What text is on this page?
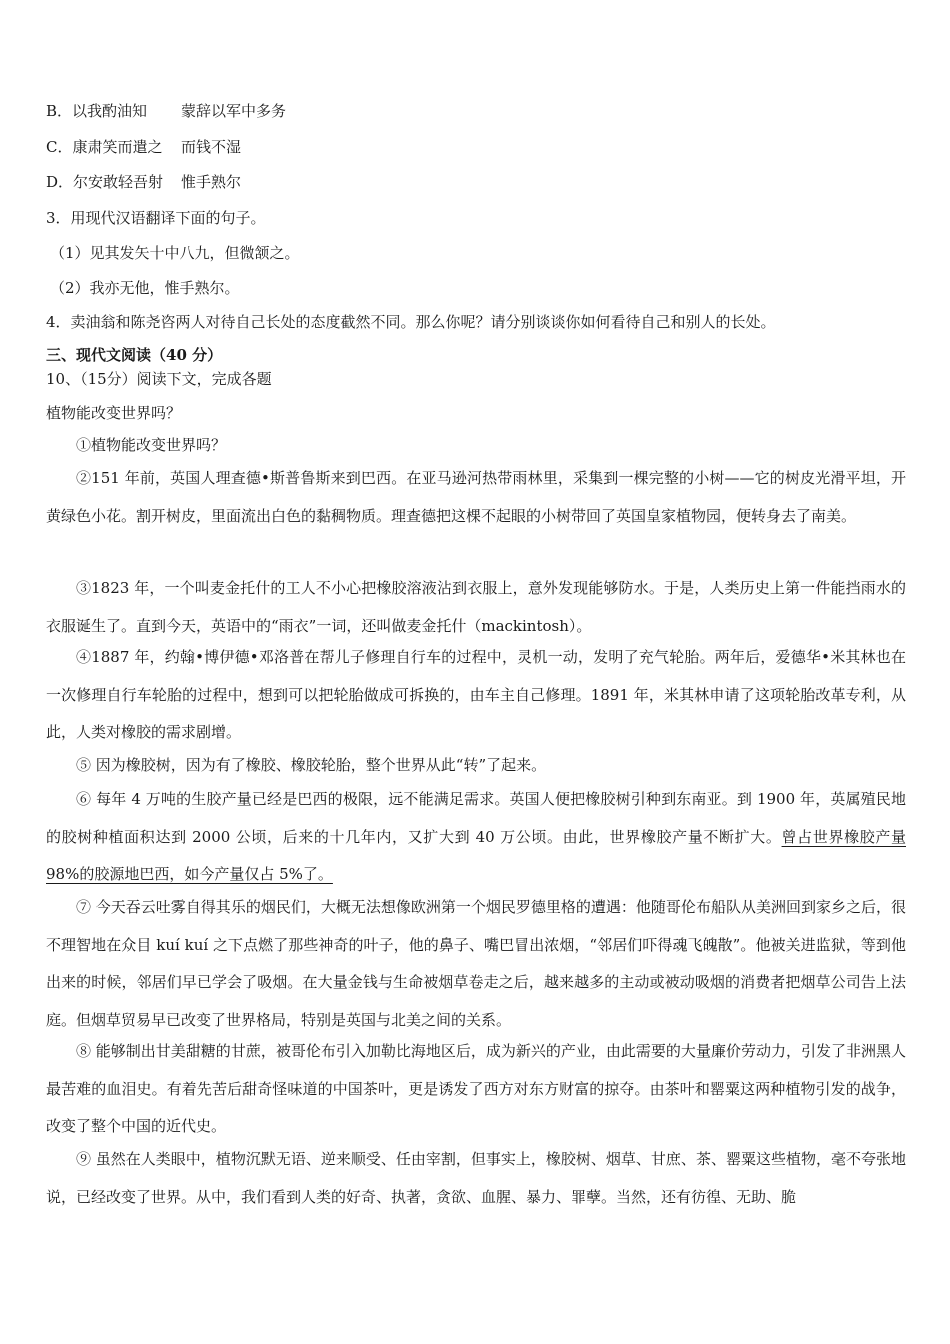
B．以我酌油知 蒙辞以军中多务
C．康肃笑而遣之 而钱不湿
D．尔安敢轻吾射 惟手熟尔
3．用现代汉语翻译下面的句子。
（1）见其发矢十中八九，但微颔之。
（2）我亦无他，惟手熟尔。
4．卖油翁和陈尧咨两人对待自己长处的态度截然不同。那么你呢？请分别谈谈你如何看待自己和别人的长处。
三、现代文阅读（40 分）
10、（15分）阅读下文，完成各题
植物能改变世界吗？
①植物能改变世界吗？

②151 年前，英国人理查德•斯普鲁斯来到巴西。在亚马逊河热带雨林里，采集到一棵完整的小树——它的树皮光滑平坦，开黄绿色小花。割开树皮，里面流出白色的黏稠物质。理查德把这棵不起眼的小树带回了英国皇家植物园，便转身去了南美。

③1823 年，一个叫麦金托什的工人不小心把橡胶溶液沾到衣服上，意外发现能够防水。于是，人类历史上第一件能挡雨水的衣服诞生了。直到今天，英语中的“雨衣”一词，还叫做麦金托什（mackintosh）。

④1887 年，约翰•博伊德•邓洛普在帮儿子修理自行车的过程中，灵机一动，发明了充气轮胎。两年后，爱德华•米其林也在一次修理自行车轮胎的过程中，想到可以把轮胎做成可拆换的，由车主自己修理。1891 年，米其林申请了这项轮胎改革专利，从此，人类对橡胶的需求剧增。

⑤ 因为橡胶树，因为有了橡胶、橡胶轮胎，整个世界从此“转”了起来。

⑥ 每年 4 万吨的生胶产量已经是巴西的极限，远不能满足需求。英国人便把橡胶树引种到东南亚。到 1900 年，英属殖民地的胶树种植面积达到 2000 公顷，后来的十几年内，又扩大到 40 万公顷。由此，世界橡胶产量不断扩大。曾占世界橡胶产量 98%的胶源地巴西，如今产量仅占 5%了。

⑦ 今天吞云吐雾自得其乐的烟民们，大概无法想像欧洲第一个烟民罗德里格的遭遇：他随哥伦布船队从美洲回到家乡之后，很不理智地在众目 kuí kuí 之下点燃了那些神奇的叶子，他的鼻子、嘴巴冒出浓烟，“邻居们吓得魂飞魄散”。他被关进监狱，等到他出来的时候，邻居们早已学会了吸烟。在大量金钱与生命被烟草卷走之后，越来越多的主动或被动吸烟的消费者把烟草公司告上法庭。但烟草贸易早已改变了世界格局，特别是英国与北美之间的关系。

⑧ 能够制出甘美甜糖的甘蔗，被哥伦布引入加勒比海地区后，成为新兴的产业，由此需要的大量廉价劳动力，引发了非洲黑人最苦难的血泪史。有着先苦后甜奇怪味道的中国茶叶，更是诱发了西方对东方财富的掠夺。由茶叶和罂粟这两种植物引发的战争，改变了整个中国的近代史。

⑨ 虽然在人类眼中，植物沉默无语、逆来顺受、任由宰割，但事实上，橡胶树、烟草、甘庶、茶、罂粟这些植物，毫不夸张地说，已经改变了世界。从中，我们看到人类的好奇、执著，贪欲、血腥、暴力、罪孽。当然，还有彷徨、无助、脆
